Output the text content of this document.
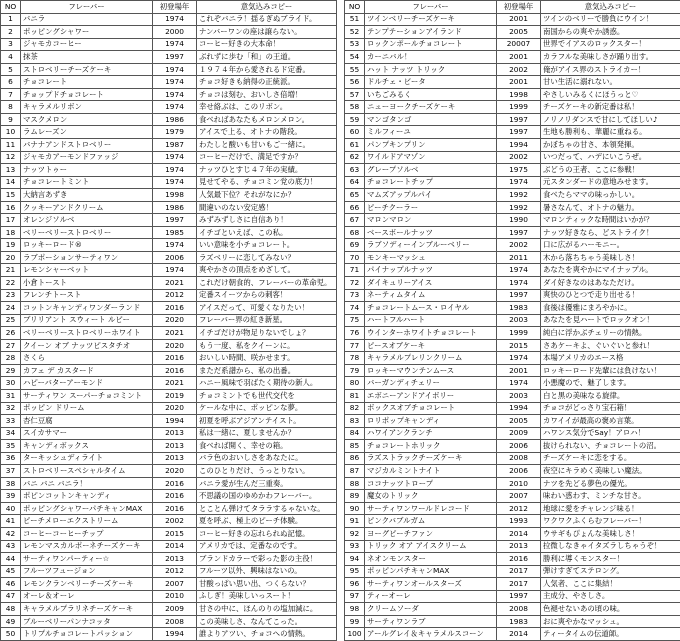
NO	フレーバー	初登場年	意気込みコピー
1	バニラ	1974	これぞバニラ！揺るぎぬブライド。
2	ポッピングシャワー	2000	ナンバーワンの座は譲らない。
3	ジャモカコーヒー	1974	コーヒー好きの大本命！
4	抹茶	1997	ぶれずに歩む「和」の王道。
5	ストロベリーチーズケーキ	1974	１９７４年から愛されるド定番。
6	チョコレート	1974	チョコ好きも納得の正統派。
7	チョップドチョコレート	1974	チョコは刻む、おいしさ倍増！
8	キャラメルリボン	1974	幸せ絡ぶは、このリボン。
9	マスクメロン	1986	食べればあなたもメロンメロン。
10	ラムレーズン	1979	アイスで上る、オトナの階段。
11	バナナアンドストロベリー	1987	わたしと酸いも甘いもご一緒に。
12	ジャモカアーモンドファッジ	1974	コーヒーだけで、満足ですか？
13	ナッツトゥー	1974	ナッツひとすじ４７年の実績。
14	チョコレートミント	1974	見せてやる、チョコミン党の底力！
15	大納言あずき	1998	人気最下位？それがなにか？
16	クッキーアンドクリーム	1986	間違いのない安定感！
17	オレンジソルベ	1997	みずみずしさに自信あり！
18	ベリーベリーストロベリー	1985	イチゴといえば、この私。
19	ロッキーロード®	1974	いい意味を小チョコレート。
20	ラブポーションサーティワン	2006	ラズベリーに恋してみない？
21	レモンシャーベット	1974	爽やかさの頂点をめざして。
22	小倉トースト	2021	これだけ朝食的、フレーバーの革命児。
23	フレンチトースト	2012	定番スイーツからの刺客！
24	コットンキャンディワンダーランド	2016	アイスだって、可愛くなりたい！
25	ブリリアント スウィート ルビー	2020	フレーバー界の紅き新星。
26	ベリーベリーストロベリーホワイト	2021	イチゴだけが物足りないでしょ？
27	クイーン オブ ナッツピスタチオ	2020	もう一度、私をクイーンに。
28	さくら	2016	おいしい時間、咲かせます。
29	カフェ デ カスタード	2016	まただ系譜から、私の出番。
30	ハピーバターアーモンド	2021	ハニー風味で羽ばたく期待の新人。
31	サーティワン スーパーチョコミント	2019	チョコミントでも世代交代を
32	ポッピン ドリーム	2020	ケールな中に、ポッピンな夢。
33	杏仁豆腐	1994	初夏を呼ぶアジアンテイスト。
34	スイカサマー	2013	私は一緒に、夏しませんか？
35	キャンディボックス	2013	食べれば開く、幸せの箱。
36	ターキッシュディライト	2013	バラ色のおいしさをあなたに。
37	ストロベリースペシャルタイム	2020	このひとりだけ、うっとりない。
38	バニ バニ バニラ！	2016	バニラ愛が生んだ三重奏。
39	ポピンコットンキャンディ	2016	不思議の国のゆめかわフレーバー。
40	ポッピングシャワーパチキャンMAX	2016	とことん弾けてタララするゃないな。
41	ピーチメローエクストリーム	2002	夏を呼ぶ、極上のピーチ体験。
42	コーヒーコーヒーチップ	2015	コーヒー好きの忘れられぬ記憶。
43	レモンマスカルポーネチーズケーキ	2014	アメリカでは、定番なのです。
44	サーティワンパーティー☆	2013	ブランドカラーで彩った影の主役！
45	フルーツフュージョン	2012	フルーツ以外、興味はないの。
46	レモンクランベリーチーズケーキ	2007	甘酸っぱい思い出、つくらない？
47	オーレ＆オーレ	2010	ふしぎ！美味しいっスート！
48	キャラメルプラリネチーズケーキ	2009	甘さの中に、ほんのりの塩加減に。
49	ブルーベリーパンナコッタ	2008	この美味しさ、なんてこった。
50	トリプルチョコレートパッション	1994	誰よりアツい、チョコへの情熱。
NO	フレーバー	初登場年	意気込みコピー
51	ツインベリーチーズケーキ	2001	ツインのベリーで勝負にウイン！
52	テンプテーションアイランド	2005	南国からの爽やか誘惑。
53	ロックンポールチョコレート	20007	世界でイアスのロックスター！
54	カーニバル！	2001	カラフルな美味しさが踊り出す。
55	ハット ナッツ トリック	2002	俺がアイス界のストライカー！
56	ドルチェ・ビータ	2001	甘い生活に溺れない。
57	いちごみるく	1998	やさしいみるくにほうっと♡
58	ニューヨークチーズケーキ	1999	チーズケーキの新定番は私！
59	マンゴタンゴ	1997	ノリノリダンスで甘にしてほしい♪
60	ミルフィーユ	1997	生地も勝利も、華麗に重ねる。
61	パンプキンプリン	1994	かぼちゃの甘さ、本領発揮。
62	ワイルドアマゾン	2002	いつだって、ハデにいこうぜ。
63	グレープソルベ	1975	ぶどうの王者、ここに参戦！
64	チョコレートチップ	1974	元スタンダードの意地みせます。
65	マムズアップルパイ	1992	食べたらママの味っかしい。
66	ピーチクーラー	1992	暑さなんて、オトナの魅力。
67	マロンマロン	1990	マロンティックな時間はいかが？
68	ベースボールナッツ	1997	ナッツ好きなら、どストライク！
69	ラブソディーインブルーベリー	2002	口に広がるハーモニー。
70	モンキーマッシュ	2011	木から落ちちゃう美味しさ！
71	パイナップルナッツ	1974	あなたを爽やかにマイナップル。
72	ダイキュリーアイス	1974	ダイ好きなのはあなただけ。
73	ネーティムタイム	1997	爽快のひとつで走り出せる！
74	チョコレートムース・ロイヤル	1983	食後は優雅にまろやかに。
75	ハートフルハート	2003	あなたを見ハートでロックオン！
76	ウインターホワイトチョコレート	1999	純白に浮かぶチェリーの情熱。
77	ピースオブケーキ	2015	さあケーキよ、ぐいぐいと参れ！
78	キャラメルプレリンクリーム	1974	本場アメリカのエース格
79	ロッキーマウンテンムース	2001	ロッキーロード先輩には負けない！
80	バーガンディチェリー	1974	小悪魔ので、魅了します。
81	エボニーアンドアイボリー	2003	白と黒の美味なる旋律。
82	ボックスオブチョコレート	1994	チョコがどっさり宝石箱！
83	ロリポップキャンディ	2005	カワイイが最高の褒め言葉。
84	ハワイアンクランチ	2009	ハワンス気分でSay！アロハ！
85	チョコレートホリック	2006	抜けられない、チョコレートの沼。
86	ラズストラックチーズケーキ	2008	チーズケーキに恋をする。
87	マジカルミントナイト	2006	夜空にキラめく美味しい魔法。
88	ココナッツトロープ	2010	ナツを先どる夢色の優光。
89	魔女のトリック	2007	味わい惑わす、ミンチな甘さ。
90	サーティワンワールドレコード	2012	地球に愛をチャレンジ味る！
91	ピンクバブルガム	1993	ワクワクふくらむフレーバー！
92	ヨーグピーチファン	2014	ウサギもぴょんな美味しさ！
93	トリック オア アイスクリーム	2013	拉微しなきゃイタズラしちゃうぞ！
94	ネオンモンスター	2016	勝利に導くモンスター！
95	ポッピンパチキャンMAX	2017	弾けすぎてステロング。
96	サーティワンオールスターズ	2017	人気者、ここに集結！
97	ティーオーレ	1997	主成分、やさしさ。
98	クリームソーダ	2008	色褪せないあの頃の味。
99	サーティワンラブ	1983	おに爽やかなマッシュ。
100	アールグレイ＆キャラメルスコーン	2014	ティータイムの伝道師。
